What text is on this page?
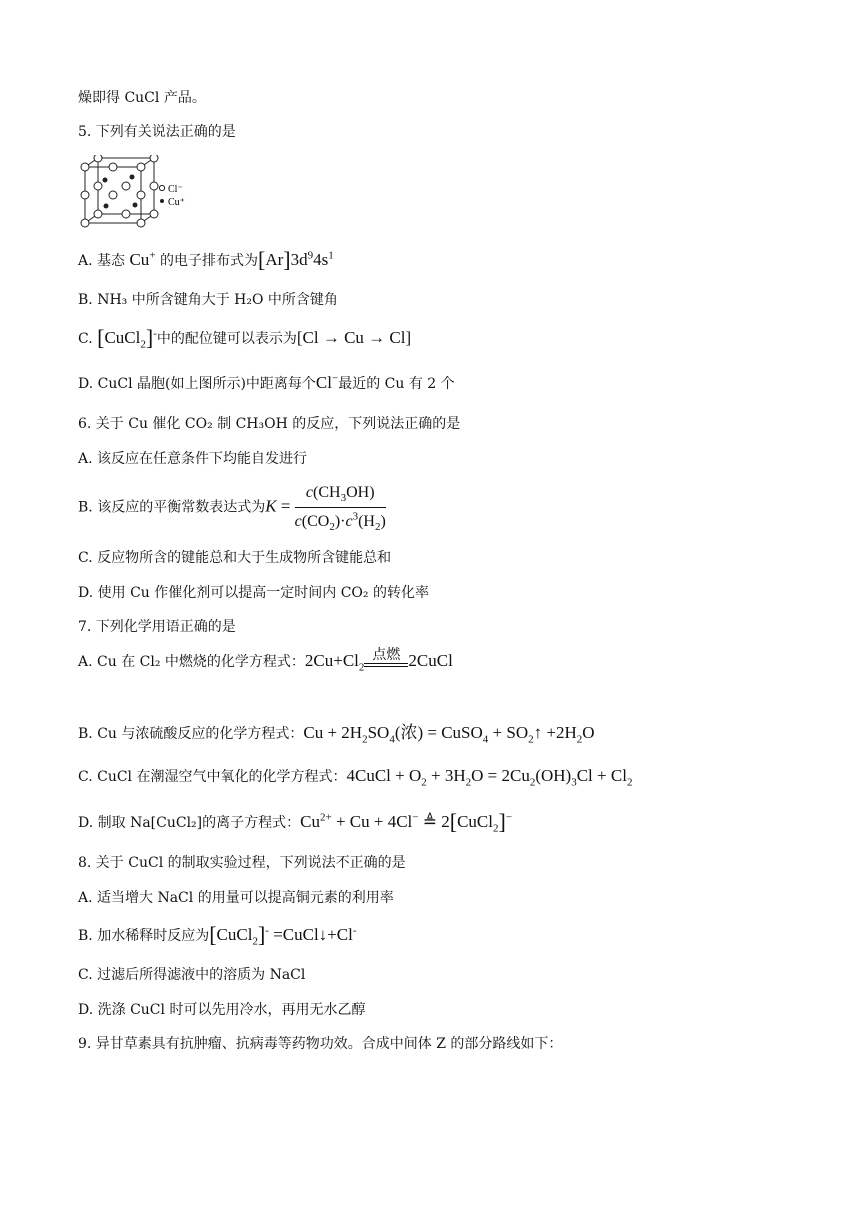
燥即得 CuCl 产品。
5. 下列有关说法正确的是
Cl⁻
Cu⁺
A. 基态 Cu+ 的电子排布式为$[Ar]3d^94s^1$
B. NH₃ 中所含键角大于 H₂O 中所含键角
C. [CuCl$_2$]-中的配位键可以表示为[Cl → Cu → Cl]
D. CuCl 晶胞(如上图所示)中距离每个Cl−最近的 Cu 有 2 个
6. 关于 Cu 催化 CO₂ 制 CH₃OH 的反应，下列说法正确的是
A. 该反应在任意条件下均能自发进行
B. 该反应的平衡常数表达式为$K = \frac{c(CH_3OH)}{c(CO_2)\cdot c^3(H_2)}$
C. 反应物所含的键能总和大于生成物所含键能总和
D. 使用 Cu 作催化剂可以提高一定时间内 CO₂ 的转化率
7. 下列化学用语正确的是
A. Cu 在 Cl₂ 中燃烧的化学方程式：$2Cu+Cl_2$
点燃 2CuCl
B. Cu 与浓硫酸反应的化学方程式：$Cu + 2H_2SO_4$(浓) = CuSO$_4$ + $SO_2↑ +2H_2O$
C. CuCl 在潮湿空气中氧化的化学方程式：4CuCl + $O_2 + 3H_2O = 2Cu_2(OH)_3Cl + Cl_2$
D. 制取 Na[CuCl₂]的离子方程式：$Cu^{2+} + Cu + 4Cl^-$ ≜ 2[CuCl$_2$]−
8. 关于 CuCl 的制取实验过程，下列说法不正确的是
A. 适当增大 NaCl 的用量可以提高铜元素的利用率
B. 加水稀释时反应为[CuCl$_2$]- =CuCl↓+Cl-
C. 过滤后所得滤液中的溶质为 NaCl
D. 洗涤 CuCl 时可以先用冷水，再用无水乙醇
9. 异甘草素具有抗肿瘤、抗病毒等药物功效。合成中间体 Z 的部分路线如下：
